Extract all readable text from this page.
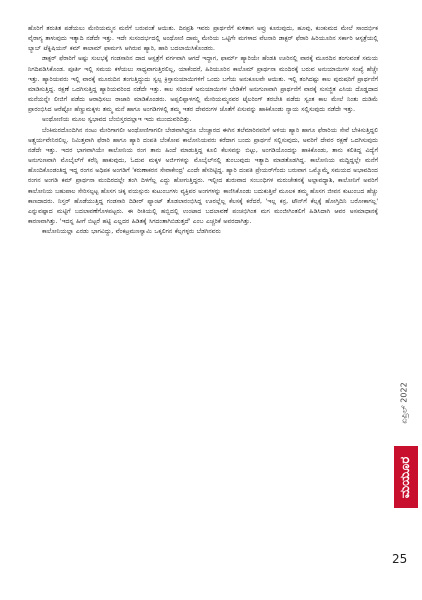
ಹೊರಿಗೆ ತರುತಿತ ಪಡೆಯಲು ಮೇರಿಯಮ್ಮನ ಮನೆಗೆ ಬರುವಂತೆ ಆಯಿತು. ದಿನಪ್ರಶಿ ಇವರು ಪ್ರಾರ್ಥನೆಗೆ ಕುಳಿತಾಗ ಅವ್ರು ಕೂರುವುದು, ಹೂವು, ಕುಂಕುಮದ ಮೇಲೆ ಸಾಂದರ್ಭಿಕ ವೈರಾಗ್ಯ ತಾಳುವುದು ಇತ್ಯಾದಿ ನಡೆದೇ ಇತ್ತು. ಇದೇ ಸುಸಂದರ್ಭದಲ್ಲಿ ಅಂಥೋಣಿ ದಾಮ್ಮ ಮೇರಿಯ ಒಟ್ಟಿಗೇ ಮಗಳಾದ ವೆಲನಾರಿ ಡಾಕ್ಟರ್ ಫೆರಾರಿ ಹಿರಿಯೂರಿನ ಸರ್ಕಾರಿ ಆಸ್ಪತ್ರೆಯಲ್ಲಿ ಲ್ಯಾಬ್ ಟೆಕ್ನಿಷಿಯನ್ ಕಮ್ ಕಾಲಾಮ್ ಫಾರ್ಮಸಿ ಆಗಿರುವ ಹ್ಯಾರಿ, ಹಾರಿ ಬದಲಾಯಿಸಿಕೊಂಡರು.

ಡಾಕ್ಟರ್ ಫೆರಾರಿಗೆ ಅಷ್ಟು ಸುಲಭಕ್ಕೆ ಗಂಡಸಾರಿನ ದಾದ ಆಸ್ಪತ್ರೆಗೆ ವರ್ಗವಾಗಿ ಆಗದೆ ಇದ್ದಾಗ, ಫಾರ್ಮ್ ಹ್ಯಾರಿಯೇ ಹೆಂಡತಿ ಊರಿನಲ್ಲಿ ವಾರಕ್ಕೆ ಮೂರದಿನ ತಂಗುವಂತೆ ಸಮಯ ನಿಗದಿಪಡಿಸಿಕೊಂಡ. ಪೂರ್ತಿ ಇಲ್ಲಿ ಸಮಯ ಕಳೆಯಲು ಸಾಧ್ಯವಾಗುತ್ತಿರಲಿಲ್ಲ, ಯಾಕೆಂದರೆ, ಹಿರಿಯೂರಿನ ಕಾಲೊಮ್ ಪ್ರಾರ್ಥನಾ ಮಂದಿರಕ್ಕೆ ಬರುವ ಅನುಯಾಯಿಗಳ ಸಂಖ್ಯೆ ಹೆಚ್ಚೇ ಇತ್ತು. ಹ್ಯಾರಿಯವರು ಇಲ್ಲಿ ವಾರಕ್ಕೆ ಮೂರುದಿನ ತಂಗುತ್ತಿದ್ದುದು ಸ್ವಲ್ಪ ಕ್ರಿಸ್ತಾನುಯಾಯಿಗಳಿಗೆ ಒಂದು ಬಗೆಯ ಅನುಕೂಲವೇ ಆಯಿತು. ಇಲ್ಲಿ ತಂಗಿದಷ್ಟು ಕಾಲ ಪುರುಷರಿಗೆ ಪ್ರಾರ್ಥನೆಗೆ ಮಾಡಿಸುತ್ತಿದ್ದ. ರಕ್ಷಣೆ ಒದಗಿಸುತ್ತಿದ್ದ ಹ್ಯಾರಿಯವರಿಂದ ನಡೆದೇ ಇತ್ತು. ಕಾಲ ಸರಿದಂತೆ ಅನುಯಾಯಿಗಳ ಬೇಡಿಕೆಗೆ ಅನುಗುಣವಾಗಿ ಪ್ರಾರ್ಥನೆಗೆ ವಾರಕ್ಕೆ ಸುಸಜ್ಜಿತ ಎಸಿಯ ದೊಡ್ಡದಾದ ಮನೆಯನ್ನೇ ಲೀಜಿಗೆ ಪಡೆದು ಆರಾಧಿಸಲು ರಾಜಾರಿ ಮಾಡಿಕೊಂಡರು. ಅಪ್ಪಲಿಪ್ಪಾಳಗಲ್ಲಿ ಮೇರಿಯಮ್ಮನವರ ಟೈಲರಿಂಗ್ ತರಬೇತಿ ಪಡೆದು ಸ್ವಂತ ಕಾಲ ಮೇಲೆ ನಿಂತು ದುಡಿಮೆ ಪ್ರಾರಂಭಿಸಿದ ಆರೆಷ್ಟೋ ಹೆಣ್ಣುಮಕ್ಕಳು ತಮ್ಮ ಮನೆ ಹಾಗೂ ಅಂಗಡಿಗಳಲ್ಲಿ ತಮ್ಮ ಇತರ ದೇವರುಗಳ ಜೊತೆಗೆ ಏಸುವನ್ನು ಹಾಕಿಕೊಂಡು ನ್ಯಾಯ ಸಲ್ಲಿಸುವುದು ನಡೆದೇ ಇತ್ತು.

ಅಂಥೋಣಿಯ ಮೂಲ ಸ್ವಭಾವದ ಬೆಂಬಿಸ್ತರದಲ್ಲಾಇ ಇದು ಮುಂದುವರಿದಿತ್ತು.

ಬೆಂಕಿಮರದೊಂದಿಗಿನ ನಂಟು ಮೇರಿಗಾಗಲೀ ಅಂಥೋಣಿಗಾಗಲೀ ಬೇಡವಾಗಿದ್ದರೂ ಬೆಂಚ್ಚಾರದ ಈಗಿನ ತಲೆಮಾರಿನವರಿಗೆ ಅಳಿಯ ಹ್ಯಾರಿ ಹಾಗೂ ಫೆರಾರಿಯ ಸೇವೆ ಬೇಕಿಸುತ್ತಿದ್ದಲಿ ಅಶ್ಚರ್ಯವೇನಿರಲಿಲ್ಲ. ನಿಮಿತ್ತವಾಗಿ ಫೆರಾರಿ ಹಾಗೂ ಹ್ಯಾರಿ ದಂಪತಿ ಬೆಂಕೋಪ ಕಾಲೋನಿಯವರು ಕರೆದಾಗ ಬಂದು ಪ್ರಾರ್ಥನೆ ಸಲ್ಲಿಸುವುದು, ಅವರಿಗೆ ದೇವರ ರಕ್ಷಣೆ ಒದಗಿಸುವುದು ನಡೆದೇ ಇತ್ತು. ಇದರ ಭಾಗವಾಗಿಯೇ ಕಾಲೋನಿಯ ರಂಗ ತಾನು ಹಿಂದೆ ಮಾಡುತ್ತಿದ್ದ ಕೂಲಿ ಕೆಲಸವನ್ನು ಬಿಟ್ಟು, ಅಂಗಡಿಯೊಂದನ್ನು ಹಾಕಿಕೊಂಡು, ತಾನು ಕಲಿತಿದ್ದ ವಿದ್ಯೆಗೆ ಅನುಗುಣವಾಗಿ ಮೊಬೈಲ್‌ಗೆ ಕರೆನ್ಸಿ ಹಾಕುವುದು, ಓದುವ ಮಕ್ಕಳ ಅರ್ಜಿಗಳನ್ನು ಮೊಬೈಲ್‌ನಲ್ಲಿ ತುಂಬುವುದು ಇತ್ಯಾದಿ ಮಾಡತೊಡಗಿದ್ದ. ಕಾಲೋನಿಯ ಮದ್ದಿದ್ದಲ್ಲೇ ಮನೆಗೆ ಹೊಂದಿಕೊಂಡಂತಿದ್ದ ಇದ್ದ ರಂಗನ ಅಧಿಪಕ ಅಂಗಡಿಗೆ 'ಕರುಣಾಕರನ ಸೇವಾಕೇಂದ್ರ' ಎಂದೇ ಹೆಸರಿಟ್ಟಿದ್ದ. ಹ್ಯಾರಿ ದಂಪತಿ ಪ್ರೇಯರ್‌ಗೆಂದು ಬರುವಾಗ ಒಮ್ಮೊಮ್ಮೆ ಸಮಯದ ಅಭಾವದಿಂದ ರಂಗನ ಅಂಗಡಿ ಕಮ್ ಪ್ರಾರ್ಥನಾ ಮಂದಿರದಲ್ಲೇ ತಂಗಿ ದಿಳಗೆಲ್ಲ ಎದ್ದು ಹೋಗುತ್ತಿದ್ದರು. ಇಲ್ಲೀದ ಶುರುವಾದ ಸಂಬಂಧಿಗಳ ಮರುಚೇತನಕ್ಕೆ ಅಲ್ಪಾವಧ್ಯಾಶಿ, ಕಾಲೋನಿಗೆ ಅವರಿಗೆ ಕಾಲೋನಿಯ ಬಹುಪಾಲ ಸೇರಿಸಲ್ಪಟ್ಟ ಹೊಸಗ ಚಿಕ್ಕ ವಯಸ್ಸುರು ಕುಟುಂಬಗಳು ವ್ಯಕ್ತಿಪರ ಅಂಗಗಳನ್ನು ಕಾಣಿಸಿಕೊಂಡು ಬದುಕುತ್ತಿವೆ ಮೂಲಕ ತಮ್ಮ ಹೊಸಗ ಜೀವನ ಕುಟುಂಬದ ಹೆಚ್ಚು ಕಾಣದಾದರು. ನಿಸ್ತರ್ ಹೊಡೆಯುತ್ತಿದ್ದ ಗಂಡಸಾರಿ ದಿಡೀರ್ ಫ್ಯಾಂಟ್ ತೊಡಲಾರಂಭಿಸಿದ್ದ ಊರಲ್ಲೆಲ್ಲ ಕೆಲಸಕ್ಕೆ ಕರೆದರೆ, 'ಇಲ್ಲ ಕನ್ರ, ಟೌನ್‌ಗೆ ಕೆಲ್ಸಕ್ಕೆ ಹೋಗ್ತಿದಿನಿ ಬರೋಕಾಗಲ್ಲ' ಎನ್ನುವಷ್ಟಾದ ಮಟ್ಟಿಗೆ ಬದಲಾವಣೆಗೊಳಪಟ್ಟರು. ಈ ರೀತಿಯಲ್ಲಿ ಹಬ್ಬಿದಲ್ಲಿ ಉಂಟಾದ ಬದಲಾವಣೆ ಪಂಚಭಿಗಿಂತ ಮಗ ಮಂಜೀಗಿಂತಲಿಗೆ ಹಿಡಿಸಿದಾಗಿ ಆವರ ಅಸಮಾಧಾನಕ್ಕೆ ಕಾರಣವಾಗಿತ್ತು. 'ಇದನ್ನ ಹೀಗೆ ಬಿಟ್ಟರೆ ಹಟ್ಟಿ ಎಲ್ಲದರ ಹಿಡಿತಕ್ಕೆ ಸಿಗದಂತಾಗಿಬಿಡುತ್ತದೆ' ಎಂಬ ಎಚ್ಚರಿಕೆ ಅವರದಾಗಿತ್ತು.

ಕಾಲೋನಿಯಲ್ಲಾ ಎರಡು ಭಾಗವಿದ್ದು, ವೆಂಕಟ್ರಮಣಸ್ವಾಮಿ ಒಕ್ಕಲಿಗನ ಕೆಲ್ಸಗಳ್ಳರು ಬೆಡಗಿನವರು

ಏಪ್ರಿಲ್ 2022
ಮಯೂರ
25
